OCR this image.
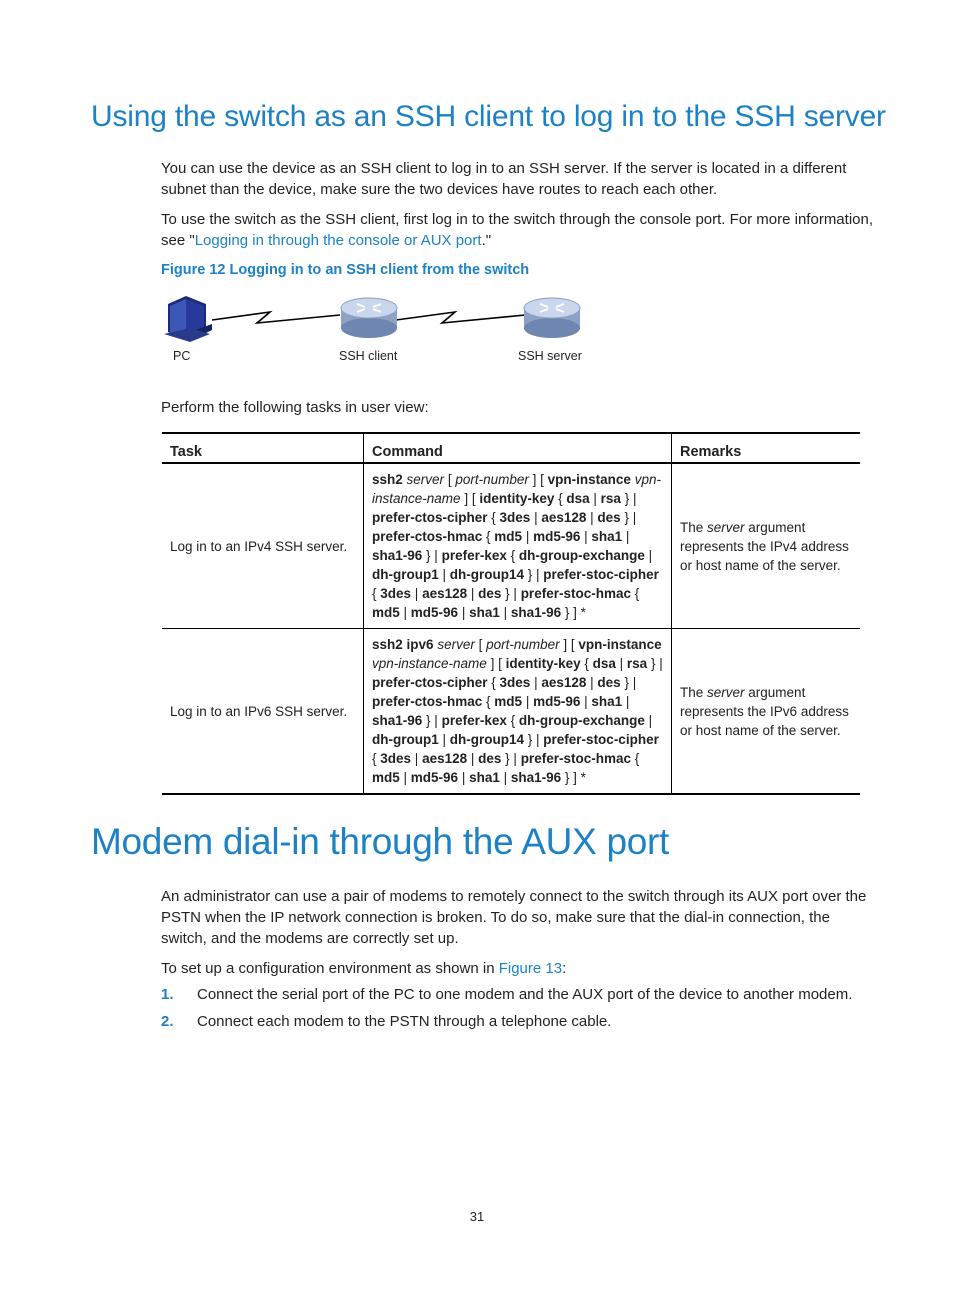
Using the switch as an SSH client to log in to the SSH server
You can use the device as an SSH client to log in to an SSH server. If the server is located in a different subnet than the device, make sure the two devices have routes to reach each other.
To use the switch as the SSH client, first log in to the switch through the console port. For more information, see "Logging in through the console or AUX port."
Figure 12 Logging in to an SSH client from the switch
PC	SSH client	SSH server
Perform the following tasks in user view:
Task	Command	Remarks
Log in to an IPv4 SSH server.	ssh2 server [ port-number ] [ vpn-instance vpn-instance-name ] [ identity-key { dsa | rsa } | prefer-ctos-cipher { 3des | aes128 | des } | prefer-ctos-hmac { md5 | md5-96 | sha1 | sha1-96 } | prefer-kex { dh-group-exchange | dh-group1 | dh-group14 } | prefer-stoc-cipher { 3des | aes128 | des } | prefer-stoc-hmac { md5 | md5-96 | sha1 | sha1-96 } ] *	The server argument represents the IPv4 address or host name of the server.
Log in to an IPv6 SSH server.	ssh2 ipv6 server [ port-number ] [ vpn-instance vpn-instance-name ] [ identity-key { dsa | rsa } | prefer-ctos-cipher { 3des | aes128 | des } | prefer-ctos-hmac { md5 | md5-96 | sha1 | sha1-96 } | prefer-kex { dh-group-exchange | dh-group1 | dh-group14 } | prefer-stoc-cipher { 3des | aes128 | des } | prefer-stoc-hmac { md5 | md5-96 | sha1 | sha1-96 } ] *	The server argument represents the IPv6 address or host name of the server.
Modem dial-in through the AUX port
An administrator can use a pair of modems to remotely connect to the switch through its AUX port over the PSTN when the IP network connection is broken. To do so, make sure that the dial-in connection, the switch, and the modems are correctly set up.
To set up a configuration environment as shown in Figure 13:
1. Connect the serial port of the PC to one modem and the AUX port of the device to another modem.
2. Connect each modem to the PSTN through a telephone cable.
31
